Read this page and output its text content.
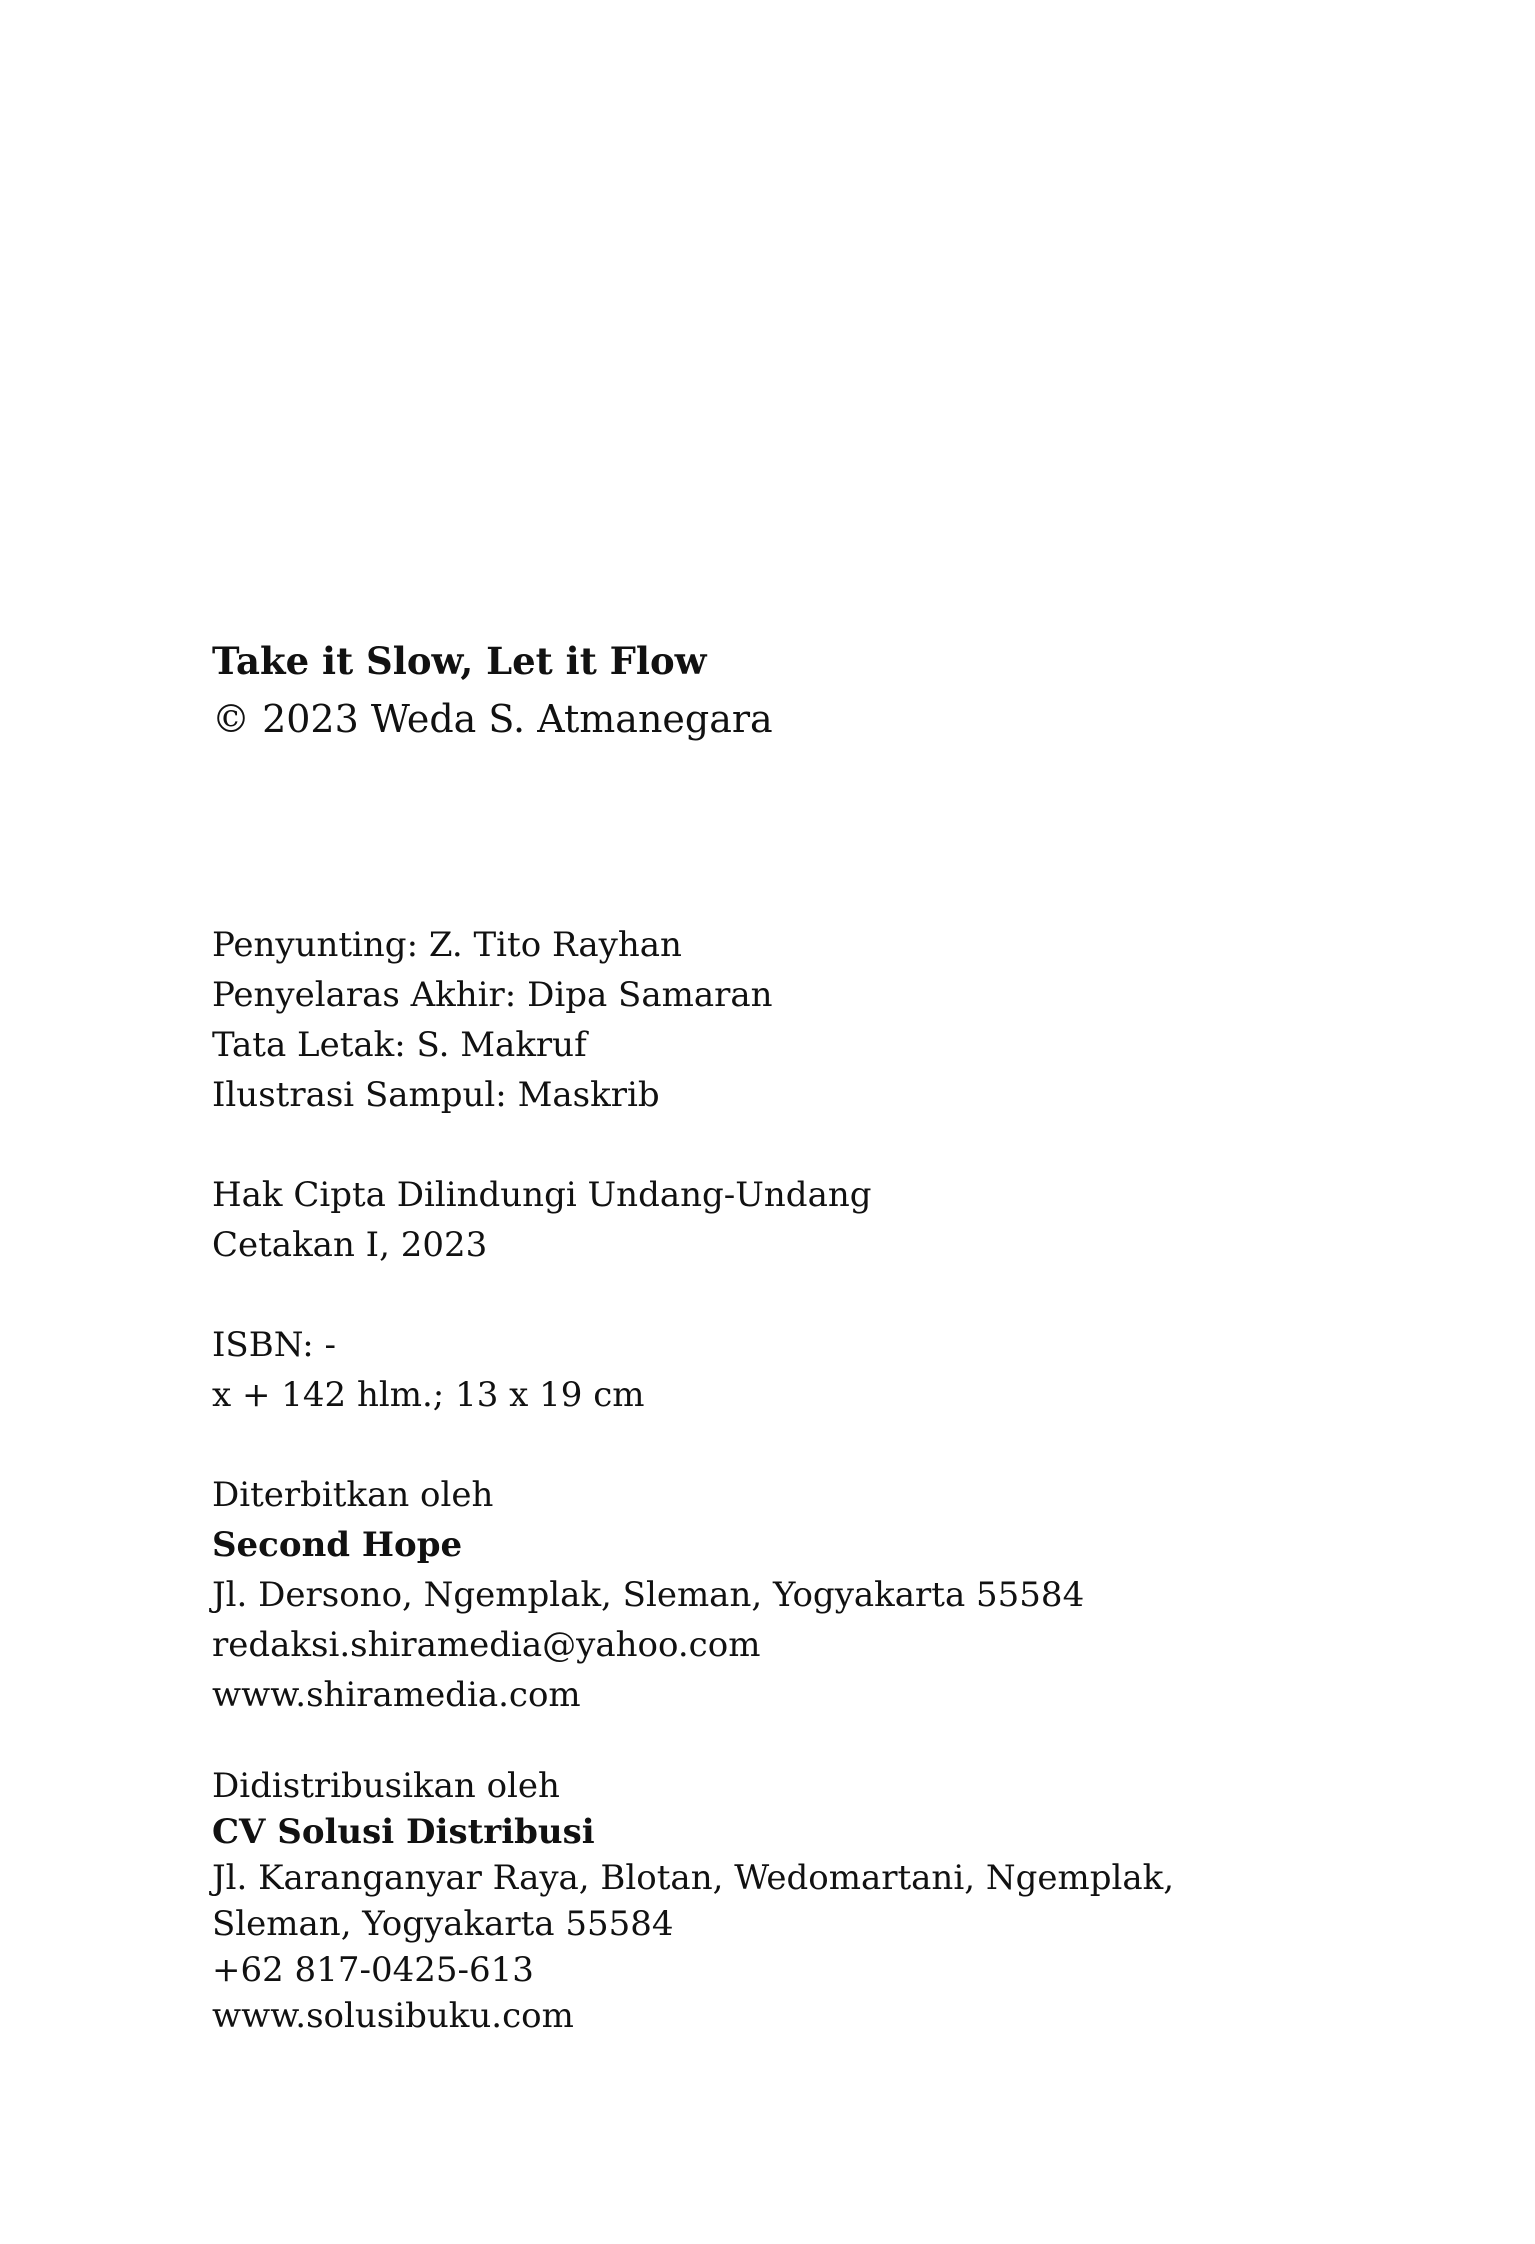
Take it Slow, Let it Flow
© 2023 Weda S. Atmanegara
Penyunting: Z. Tito Rayhan
Penyelaras Akhir: Dipa Samaran
Tata Letak: S. Makruf
Ilustrasi Sampul: Maskrib
Hak Cipta Dilindungi Undang-Undang
Cetakan I, 2023
ISBN: -
x + 142 hlm.; 13 x 19 cm
Diterbitkan oleh
Second Hope
Jl. Dersono, Ngemplak, Sleman, Yogyakarta 55584
redaksi.shiramedia@yahoo.com
www.shiramedia.com
Didistribusikan oleh
CV Solusi Distribusi
Jl. Karanganyar Raya, Blotan, Wedomartani, Ngemplak,
Sleman, Yogyakarta 55584
+62 817-0425-613
www.solusibuku.com
